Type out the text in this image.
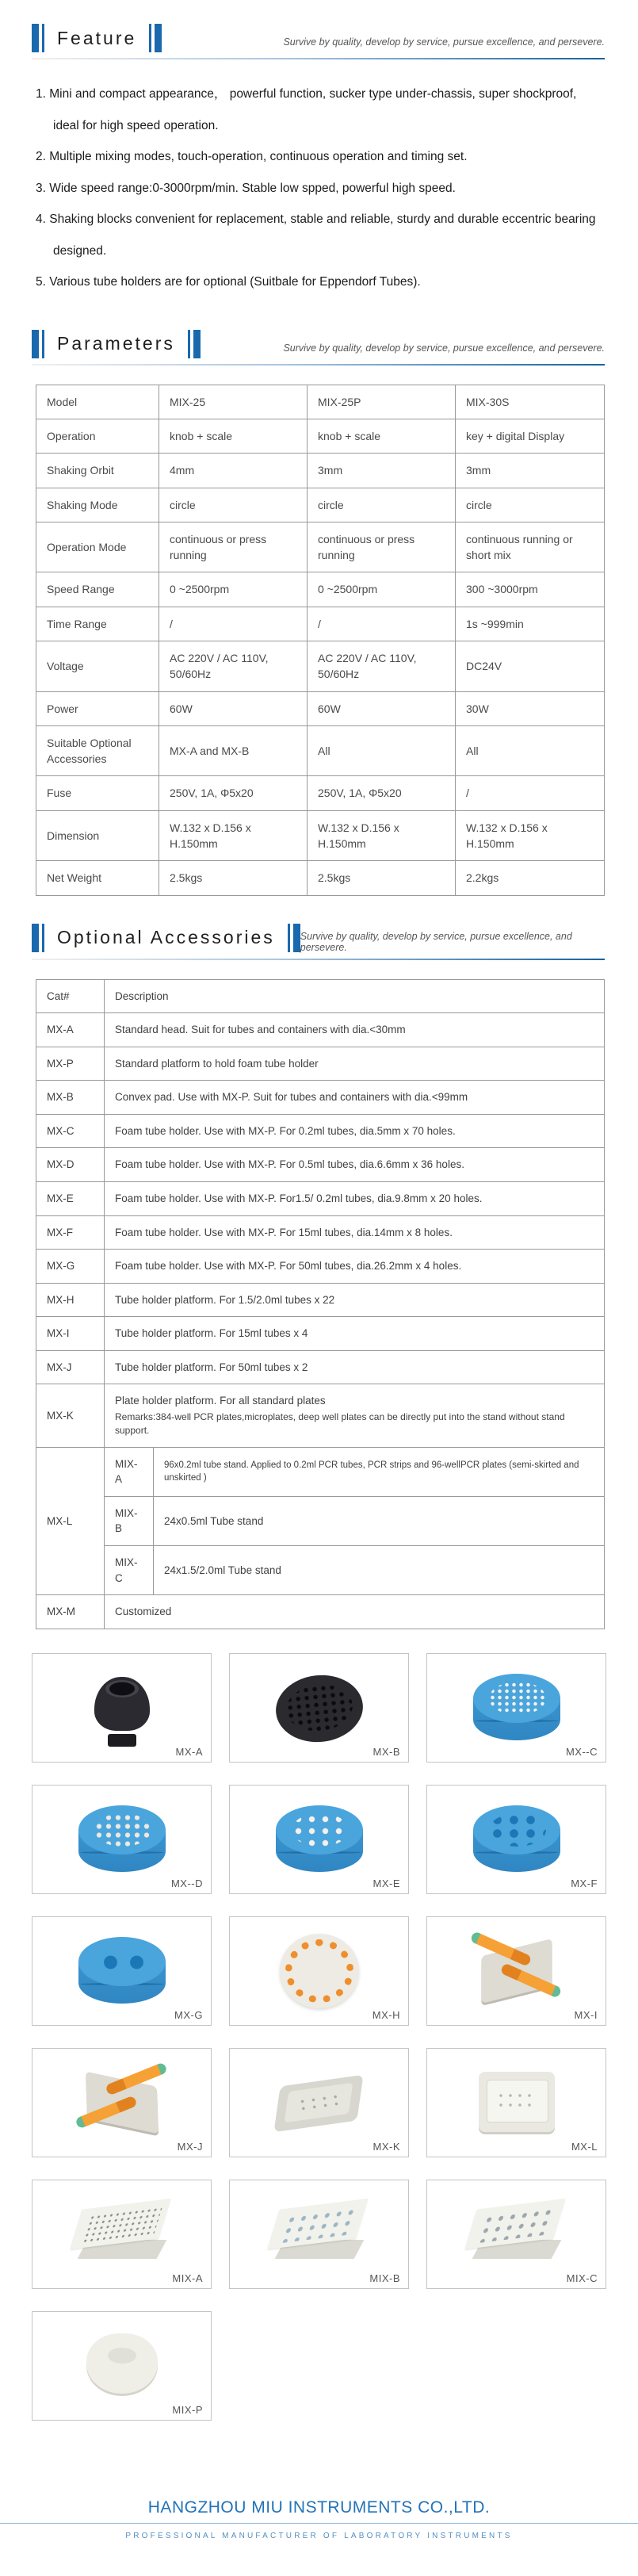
Feature	Survive by quality, develop by service, pursue excellence, and persevere.
1. Mini and compact appearance， powerful function, sucker type under-chassis, super shockproof, ideal for high speed operation.
2. Multiple mixing modes, touch-operation, continuous operation and timing set.
3. Wide speed range:0-3000rpm/min. Stable low spped, powerful high speed.
4. Shaking blocks convenient for replacement, stable and reliable, sturdy and durable eccentric bearing designed.
5. Various tube holders are for optional (Suitbale for Eppendorf Tubes).
Parameters	Survive by quality, develop by service, pursue excellence, and persevere.
Model	MIX-25	MIX-25P	MIX-30S
Operation	knob + scale	knob + scale	key + digital Display
Shaking Orbit	4mm	3mm	3mm
Shaking Mode	circle	circle	circle
Operation Mode	continuous or press running	continuous or press running	continuous running or short mix
Speed Range	0 ~2500rpm	0 ~2500rpm	300 ~3000rpm
Time Range	/	/	1s ~999min
Voltage	AC 220V / AC 110V, 50/60Hz	AC 220V / AC 110V, 50/60Hz	DC24V
Power	60W	60W	30W
Suitable Optional Accessories	MX-A and MX-B	All	All
Fuse	250V, 1A, Φ5x20	250V, 1A, Φ5x20	/
Dimension	W.132 x D.156 x H.150mm	W.132 x D.156 x H.150mm	W.132 x D.156 x H.150mm
Net Weight	2.5kgs	2.5kgs	2.2kgs
Optional Accessories	Survive by quality, develop by service, pursue excellence, and persevere.
Cat#	Description	
MX-A	Standard head. Suit for tubes and containers with dia.<30mm	
MX-P	Standard platform to hold foam tube holder	
MX-B	Convex pad. Use with MX-P. Suit for tubes and containers with dia.<99mm	
MX-C	Foam tube holder. Use with MX-P. For 0.2ml tubes, dia.5mm x 70 holes.	
MX-D	Foam tube holder. Use with MX-P. For 0.5ml tubes, dia.6.6mm x 36 holes.	
MX-E	Foam tube holder. Use with MX-P. For1.5/ 0.2ml tubes, dia.9.8mm x 20 holes.	
MX-F	Foam tube holder. Use with MX-P. For 15ml tubes, dia.14mm x 8 holes.	
MX-G	Foam tube holder. Use with MX-P. For 50ml tubes, dia.26.2mm x 4 holes.	
MX-H	Tube holder platform. For 1.5/2.0ml tubes x 22	
MX-I	Tube holder platform. For 15ml tubes x 4	
MX-J	Tube holder platform. For 50ml tubes x 2	
MX-K	Plate holder platform. For all standard plates
Remarks:384-well PCR plates,microplates, deep well plates can be directly put into the stand without stand support.	

MX-L	MIX-A	96x0.2ml tube stand. Applied to 0.2ml PCR tubes, PCR strips and 96-wellPCR plates (semi-skirted and unskirted )
	MIX-B	24x0.5ml Tube stand
	MIX-C	24x1.5/2.0ml Tube stand
MX-M	Customized	
MX-A	MX-B	MX--C
MX--D	MX-E	MX-F
MX-G	MX-H	MX-I
MX-J	MX-K	MX-L
MIX-A	MIX-B	MIX-C
MIX-P
HANGZHOU MIU INSTRUMENTS CO.,LTD.
PROFESSIONAL MANUFACTURER OF LABORATORY INSTRUMENTS
